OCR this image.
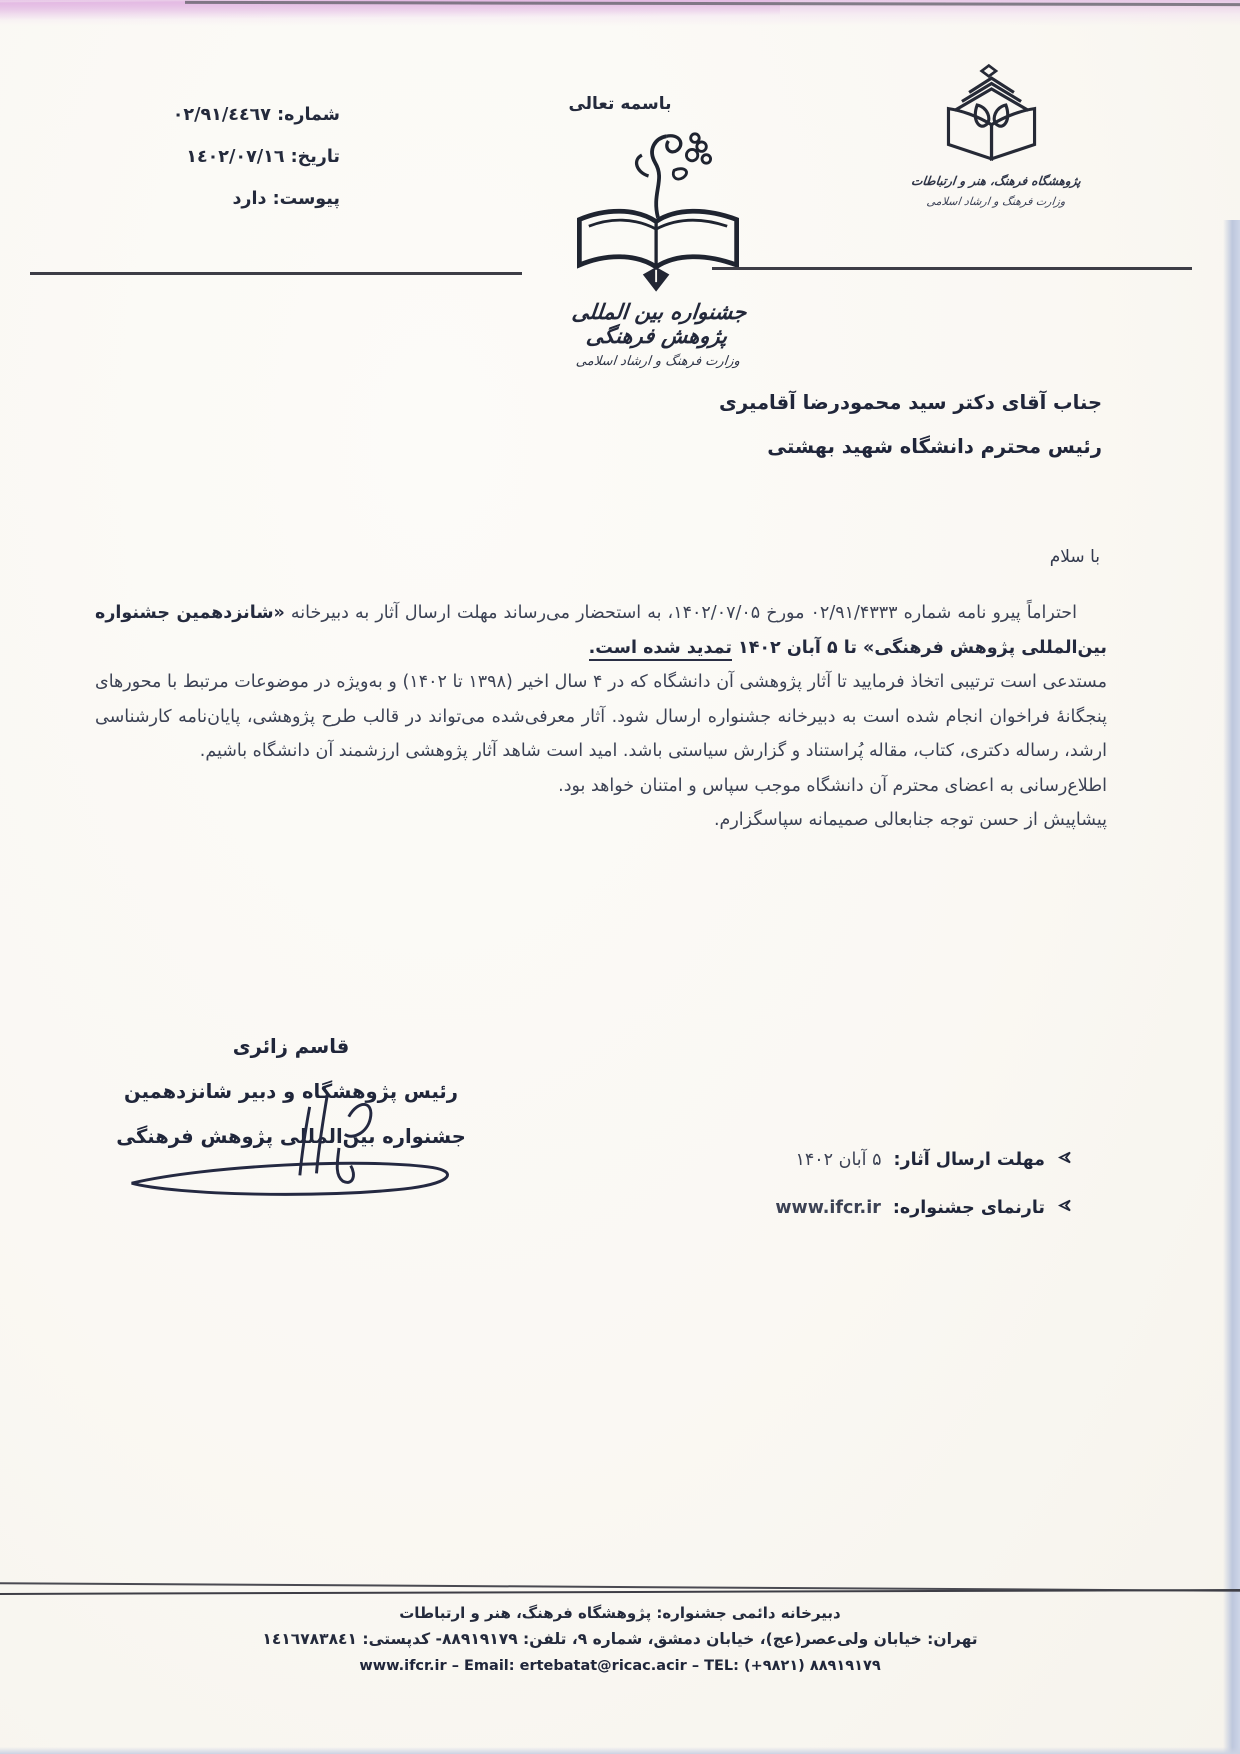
شماره: ٠٢/٩١/٤٤٦٧
تاریخ: ١٤٠٢/٠٧/١٦
پیوست: دارد
باسمه تعالی
جشنواره بین المللی پژوهش فرهنگی
وزارت فرهنگ و ارشاد اسلامی
پژوهشگاه فرهنگ، هنر و ارتباطات
وزارت فرهنگ و ارشاد اسلامی
جناب آقای دکتر سید محمودرضا آقامیری
رئیس محترم دانشگاه شهید بهشتی
با سلام

احتراماً پیرو نامه شماره ۰۲/۹۱/۴۳۳۳ مورخ ۱۴۰۲/۰۷/۰۵، به استحضار می‌رساند مهلت ارسال آثار به دبیرخانه «شانزدهمین جشنواره بین‌المللی پژوهش فرهنگی» تا ۵ آبان ۱۴۰۲ تمدید شده است.
مستدعی است ترتیبی اتخاذ فرمایید تا آثار پژوهشی آن دانشگاه که در ۴ سال اخیر (۱۳۹۸ تا ۱۴۰۲) و به‌ویژه در موضوعات مرتبط با محورهای پنجگانهٔ فراخوان انجام شده است به دبیرخانه جشنواره ارسال شود. آثار معرفی‌شده می‌تواند در قالب طرح پژوهشی، پایان‌نامه کارشناسی ارشد، رساله دکتری، کتاب، مقاله پُراستناد و گزارش سیاستی باشد. امید است شاهد آثار پژوهشی ارزشمند آن دانشگاه باشیم.

اطلاع‌رسانی به اعضای محترم آن دانشگاه موجب سپاس و امتنان خواهد بود.

پیشاپیش از حسن توجه جنابعالی صمیمانه سپاسگزارم.

قاسم زائری
رئیس پژوهشگاه و دبیر شانزدهمین
جشنواره بین‌المللی پژوهش فرهنگی
مهلت ارسال آثار:
۵ آبان ۱۴۰۲
تارنمای جشنواره:
www.ifcr.ir
دبیرخانه دائمی جشنواره: پژوهشگاه فرهنگ، هنر و ارتباطات
تهران: خیابان ولی‌عصر(عج)، خیابان دمشق، شماره ۹، تلفن: ۸۸۹۱۹۱۷۹- کدپستی: ۱٤۱٦۷۸۳۸٤۱
www.ifcr.ir – Email: ertebatat@ricac.acir – TEL: (+۹۸۲۱) ۸۸۹۱۹۱۷۹
